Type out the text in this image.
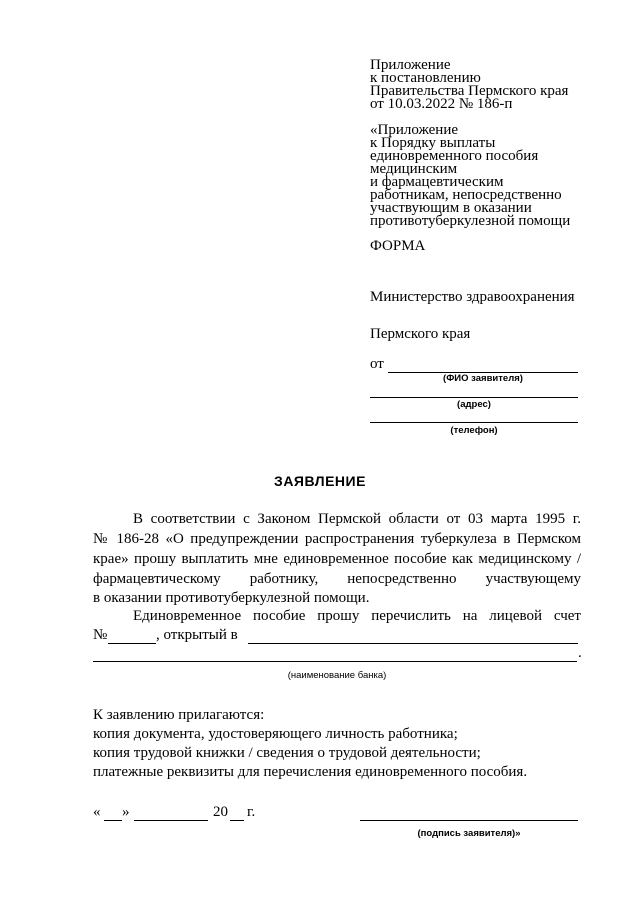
Приложение
к постановлению
Правительства Пермского края
от 10.03.2022 № 186-п
«Приложение
к Порядку выплаты
единовременного пособия
медицинским
и фармацевтическим
работникам, непосредственно
участвующим в оказании
противотуберкулезной помощи
ФОРМА
Министерство здравоохранения
Пермского края
от
(ФИО заявителя)
(адрес)
(телефон)
ЗАЯВЛЕНИЕ
В соответствии с Законом Пермской области от 03 марта 1995 г.
№ 186-28 «О предупреждении распространения туберкулеза в Пермском
крае» прошу выплатить мне единовременное пособие как медицинскому /
фармацевтическому работнику, непосредственно участвующему
в оказании противотуберкулезной помощи.
Единовременное пособие прошу перечислить на лицевой счет
№	, открытый в
.
(наименование банка)
К заявлению прилагаются:
копия документа, удостоверяющего личность работника;
копия трудовой книжки / сведения о трудовой деятельности;
платежные реквизиты для перечисления единовременного пособия.
« »	20 г.
(подпись заявителя)»
